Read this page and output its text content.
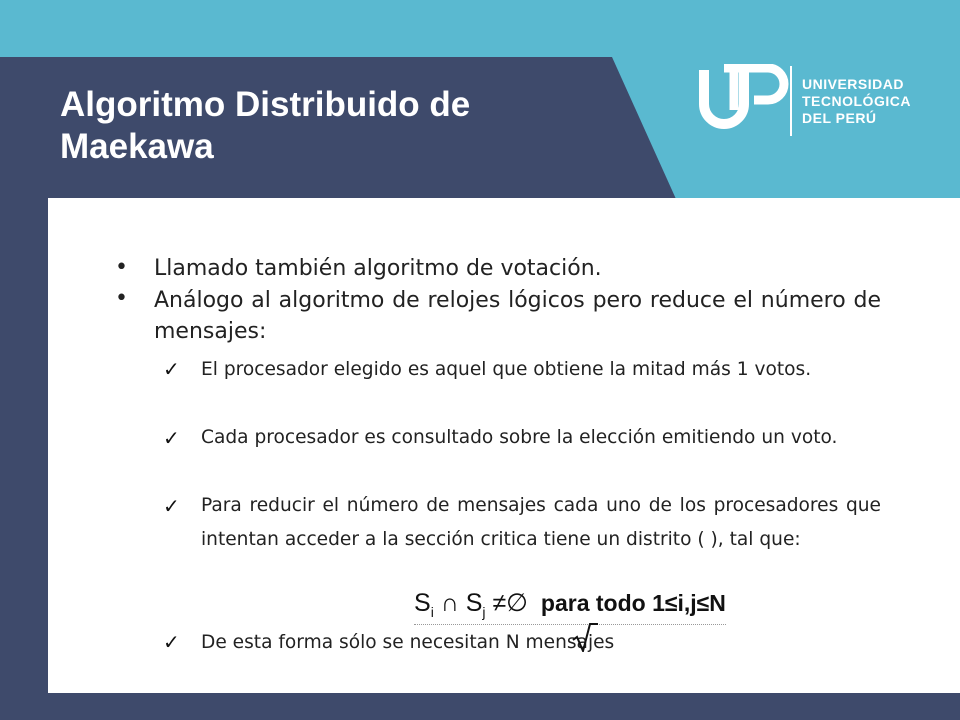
Algoritmo Distribuido de Maekawa
UNIVERSIDAD
TECNOLÓGICA
DEL PERÚ
• Llamado también algoritmo de votación.
• Análogo al algoritmo de relojes lógicos pero reduce el número de mensajes:
✓ El procesador elegido es aquel que obtiene la mitad más 1 votos.
✓ Cada procesador es consultado sobre la elección emitiendo un voto.
✓ Para reducir el número de mensajes cada uno de los procesadores que intentan acceder a la sección critica tiene un distrito ( ), tal que:
$S_i$ ∩ $S_j$ ≠∅ para todo 1≤i,j≤N
✓ De esta forma sólo se necesitan N mensajes
